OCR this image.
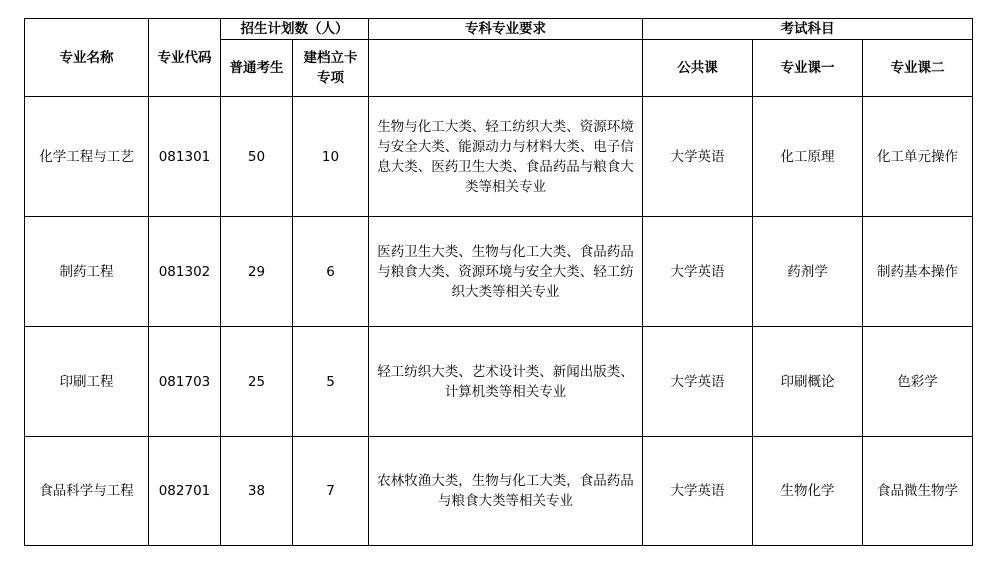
专业名称	专业代码	招生计划数（人）		专科专业要求	考试科目		
		普通考生	建档立卡专项		公共课	专业课一	专业课二
化学工程与工艺	081301	50	10	生物与化工大类、轻工纺织大类、资源环境与安全大类、能源动力与材料大类、电子信息大类、医药卫生大类、食品药品与粮食大类等相关专业	大学英语	化工原理	化工单元操作
制药工程	081302	29	6	医药卫生大类、生物与化工大类、食品药品与粮食大类、资源环境与安全大类、轻工纺织大类等相关专业	大学英语	药剂学	制药基本操作
印刷工程	081703	25	5	轻工纺织大类、艺术设计类、新闻出版类、计算机类等相关专业	大学英语	印刷概论	色彩学
食品科学与工程	082701	38	7	农林牧渔大类，生物与化工大类，食品药品与粮食大类等相关专业	大学英语	生物化学	食品微生物学
